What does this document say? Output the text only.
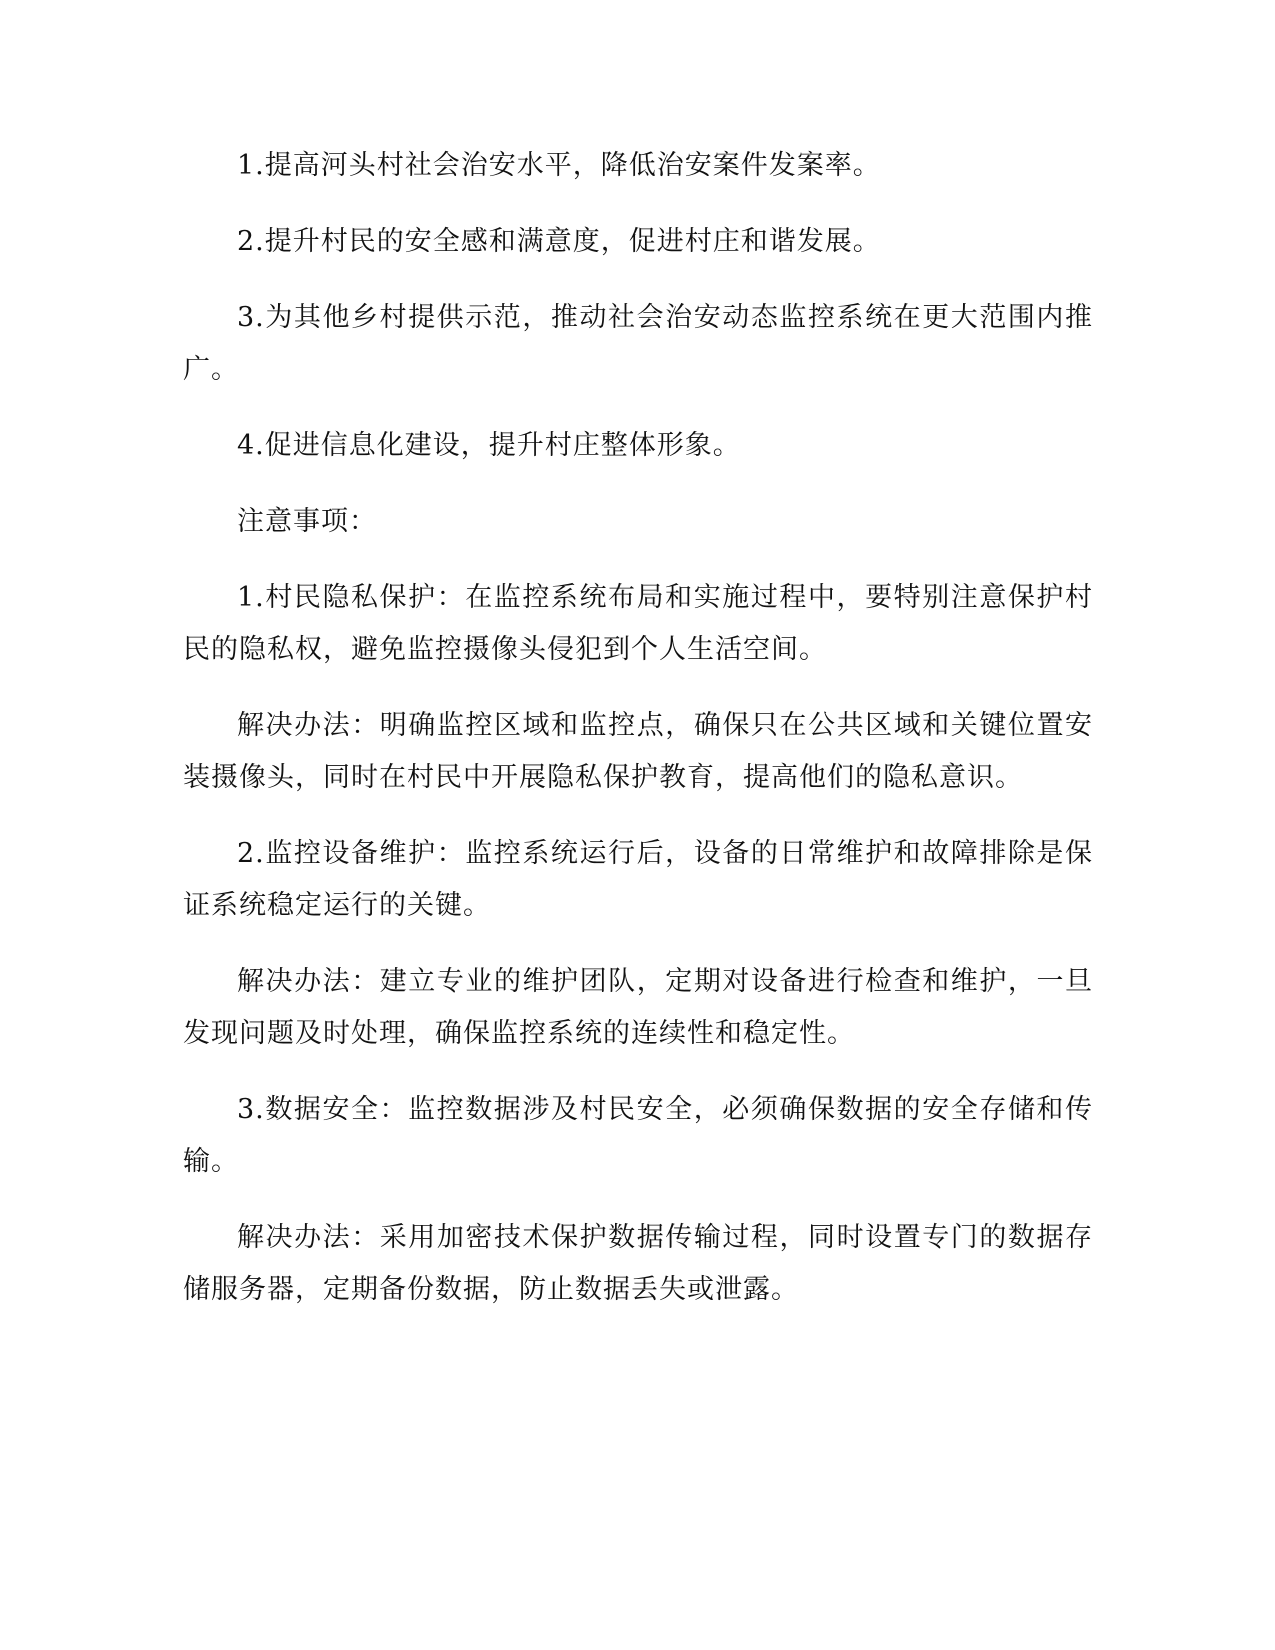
1.提高河头村社会治安水平，降低治安案件发案率。

2.提升村民的安全感和满意度，促进村庄和谐发展。

3.为其他乡村提供示范，推动社会治安动态监控系统在更大范围内推广。

4.促进信息化建设，提升村庄整体形象。

注意事项：

1.村民隐私保护：在监控系统布局和实施过程中，要特别注意保护村民的隐私权，避免监控摄像头侵犯到个人生活空间。

解决办法：明确监控区域和监控点，确保只在公共区域和关键位置安装摄像头，同时在村民中开展隐私保护教育，提高他们的隐私意识。

2.监控设备维护：监控系统运行后，设备的日常维护和故障排除是保证系统稳定运行的关键。

解决办法：建立专业的维护团队，定期对设备进行检查和维护，一旦发现问题及时处理，确保监控系统的连续性和稳定性。

3.数据安全：监控数据涉及村民安全，必须确保数据的安全存储和传输。

解决办法：采用加密技术保护数据传输过程，同时设置专门的数据存储服务器，定期备份数据，防止数据丢失或泄露。
